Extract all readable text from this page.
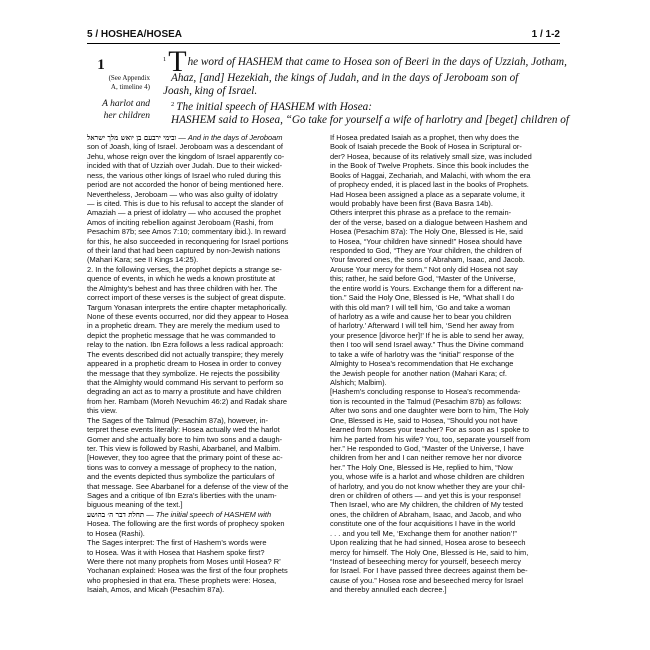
5 / HOSHEA/HOSEA	1 / 1-2
1
(See Appendix
A, timeline 4)
A harlot and
her children
$^1$The word of HASHEM that came to Hosea son of Beeri in the days of Uzziah, Jotham,
Ahaz, [and] Hezekiah, the kings of Judah, and in the days of Jeroboam son of
Joash, king of Israel.
$^2$ The initial speech of HASHEM with Hosea:
HASHEM said to Hosea, “Go take for yourself a wife of harlotry and [beget] children of
ובימי ירבעם בן יואש מלך ישראל — And in the days of Jeroboam
son of Joash, king of Israel. Jeroboam was a descendant of
Jehu, whose reign over the kingdom of Israel apparently co-
incided with that of Uzziah over Judah. Due to their wicked-
ness, the various other kings of Israel who ruled during this
period are not accorded the honor of being mentioned here.
Nevertheless, Jeroboam — who was also guilty of idolatry
— is cited. This is due to his refusal to accept the slander of
Amaziah — a priest of idolatry — who accused the prophet
Amos of inciting rebellion against Jeroboam (Rashi, from
Pesachim 87b; see Amos 7:10; commentary ibid.). In reward
for this, he also succeeded in reconquering for Israel portions
of their land that had been captured by non-Jewish nations
(Mahari Kara; see II Kings 14:25).
2. In the following verses, the prophet depicts a strange se-
quence of events, in which he weds a known prostitute at
the Almighty’s behest and has three children with her. The
correct import of these verses is the subject of great dispute.
Targum Yonasan interprets the entire chapter metaphorically.
None of these events occurred, nor did they appear to Hosea
in a prophetic dream. They are merely the medium used to
depict the prophetic message that he was commanded to
relay to the nation. Ibn Ezra follows a less radical approach:
The events described did not actually transpire; they merely
appeared in a prophetic dream to Hosea in order to convey
the message that they symbolize. He rejects the possibility
that the Almighty would command His servant to perform so
degrading an act as to marry a prostitute and have children
from her. Rambam (Moreh Nevuchim 46:2) and Radak share
this view.
The Sages of the Talmud (Pesachim 87a), however, in-
terpret these events literally: Hosea actually wed the harlot
Gomer and she actually bore to him two sons and a daugh-
ter. This view is followed by Rashi, Abarbanel, and Malbim.
[However, they too agree that the primary point of these ac-
tions was to convey a message of prophecy to the nation,
and the events depicted thus symbolize the particulars of
that message. See Abarbanel for a defense of the view of the
Sages and a critique of Ibn Ezra’s liberties with the unam-
biguous meaning of the text.]
תחלת דבר ה׳ בהושע — The initial speech of HASHEM with
Hosea. The following are the first words of prophecy spoken
to Hosea (Rashi).
The Sages interpret: The first of Hashem’s words were
to Hosea. Was it with Hosea that Hashem spoke first?
Were there not many prophets from Moses until Hosea? R’
Yochanan explained: Hosea was the first of the four prophets
who prophesied in that era. These prophets were: Hosea,
Isaiah, Amos, and Micah (Pesachim 87a).
If Hosea predated Isaiah as a prophet, then why does the
Book of Isaiah precede the Book of Hosea in Scriptural or-
der? Hosea, because of its relatively small size, was included
in the Book of Twelve Prophets. Since this book includes the
Books of Haggai, Zechariah, and Malachi, with whom the era
of prophecy ended, it is placed last in the books of Prophets.
Had Hosea been assigned a place as a separate volume, it
would probably have been first (Bava Basra 14b).
Others interpret this phrase as a preface to the remain-
der of the verse, based on a dialogue between Hashem and
Hosea (Pesachim 87a): The Holy One, Blessed is He, said
to Hosea, “Your children have sinned!” Hosea should have
responded to God, “They are Your children, the children of
Your favored ones, the sons of Abraham, Isaac, and Jacob.
Arouse Your mercy for them.” Not only did Hosea not say
this; rather, he said before God, “Master of the Universe,
the entire world is Yours. Exchange them for a different na-
tion.” Said the Holy One, Blessed is He, “What shall I do
with this old man? I will tell him, ‘Go and take a woman
of harlotry as a wife and cause her to bear you children
of harlotry.’ Afterward I will tell him, ‘Send her away from
your presence [divorce her]!’ If he is able to send her away,
then I too will send Israel away.” Thus the Divine command
to take a wife of harlotry was the “initial” response of the
Almighty to Hosea’s recommendation that He exchange
the Jewish people for another nation (Mahari Kara; cf.
Alshich; Malbim).
[Hashem’s concluding response to Hosea’s recommenda-
tion is recounted in the Talmud (Pesachim 87b) as follows:
After two sons and one daughter were born to him, The Holy
One, Blessed is He, said to Hosea, “Should you not have
learned from Moses your teacher? For as soon as I spoke to
him he parted from his wife? You, too, separate yourself from
her.” He responded to God, “Master of the Universe, I have
children from her and I can neither remove her nor divorce
her.” The Holy One, Blessed is He, replied to him, “Now
you, whose wife is a harlot and whose children are children
of harlotry, and you do not know whether they are your chil-
dren or children of others — and yet this is your response!
Then Israel, who are My children, the children of My tested
ones, the children of Abraham, Isaac, and Jacob, and who
constitute one of the four acquisitions I have in the world
. . . and you tell Me, ‘Exchange them for another nation’!”
Upon realizing that he had sinned, Hosea arose to beseech
mercy for himself. The Holy One, Blessed is He, said to him,
“Instead of beseeching mercy for yourself, beseech mercy
for Israel. For I have passed three decrees against them be-
cause of you.” Hosea rose and beseeched mercy for Israel
and thereby annulled each decree.]
